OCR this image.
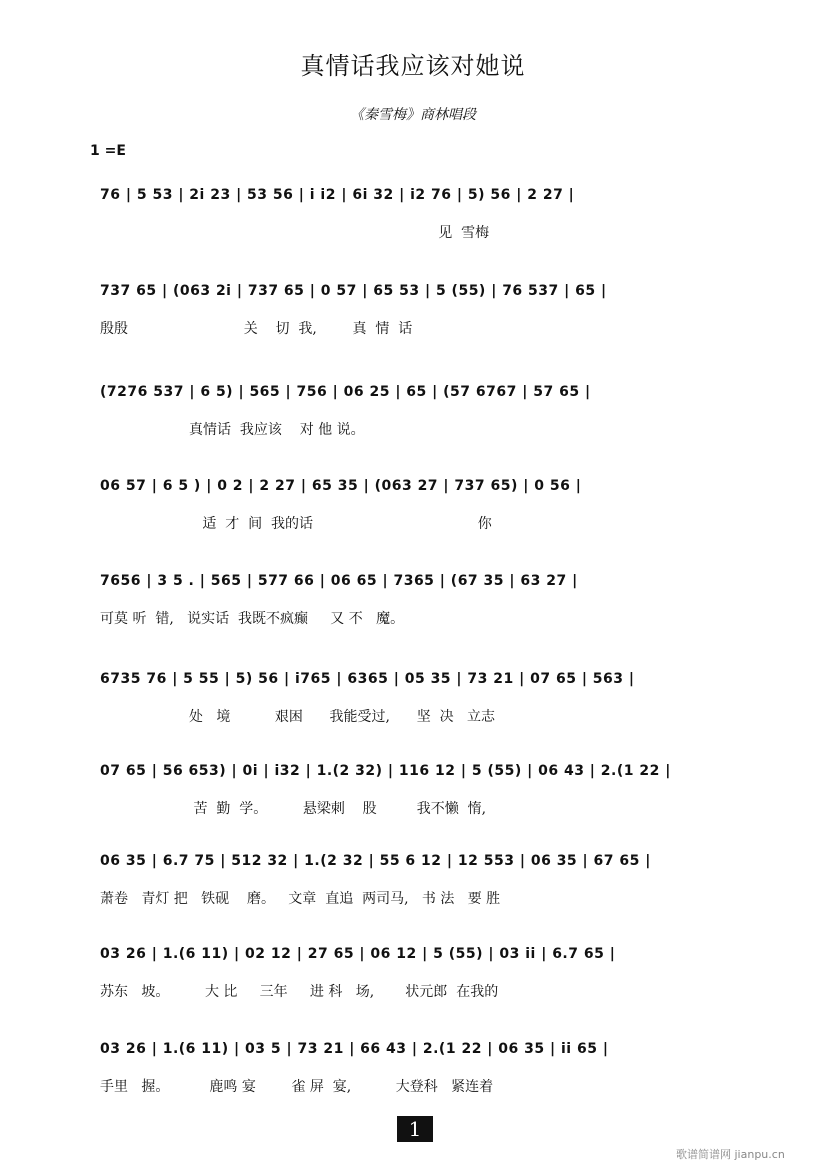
真情话我应该对她说
《秦雪梅》商林唱段
1 =E
76 | 5 53 | 2i 23 | 53 56 | i i2 | 6i 32 | i2 76 | 5) 56 | 2 27 |
见  雪梅
737 65 | (063 2i | 737 65 | 0 57 | 65 53 | 5 (55) | 76 537 | 65 |
殷殷                          关    切  我,        真  情  话
(7276 537 | 6 5) | 565 | 756 | 06 25 | 65 | (57 6767 | 57 65 |
真情话  我应该    对 他 说。
06 57 | 6 5 ) | 0 2 | 2 27 | 65 35 | (063 27 | 737 65) | 0 56 |
适  才  间  我的话                                     你
7656 | 3 5 . | 565 | 577 66 | 06 65 | 7365 | (67 35 | 63 27 |
可莫 听  错,   说实话  我既不疯癫     又 不   魔。
6735 76 | 5 55 | 5) 56 | i765 | 6365 | 05 35 | 73 21 | 07 65 | 563 |
处   境          艰困      我能受过,      坚  决   立志
07 65 | 56 653) | 0i | i32 | 1.(2 32) | 116 12 | 5 (55) | 06 43 | 2.(1 22 |
苦  勤  学。        悬梁刺    股         我不懒  惰,
06 35 | 6.7 75 | 512 32 | 1.(2 32 | 55 6 12 | 12 553 | 06 35 | 67 65 |
萧卷   青灯 把   铁砚    磨。   文章  直追  两司马,   书 法   要 胜
03 26 | 1.(6 11) | 02 12 | 27 65 | 06 12 | 5 (55) | 03 ii | 6.7 65 |
苏东   坡。        大 比     三年     进 科   场,       状元郎  在我的
03 26 | 1.(6 11) | 03 5 | 73 21 | 66 43 | 2.(1 22 | 06 35 | ii 65 |
手里   握。         鹿鸣 宴        雀 屏  宴,          大登科   紧连着
1
歌谱简谱网 jianpu.cn
